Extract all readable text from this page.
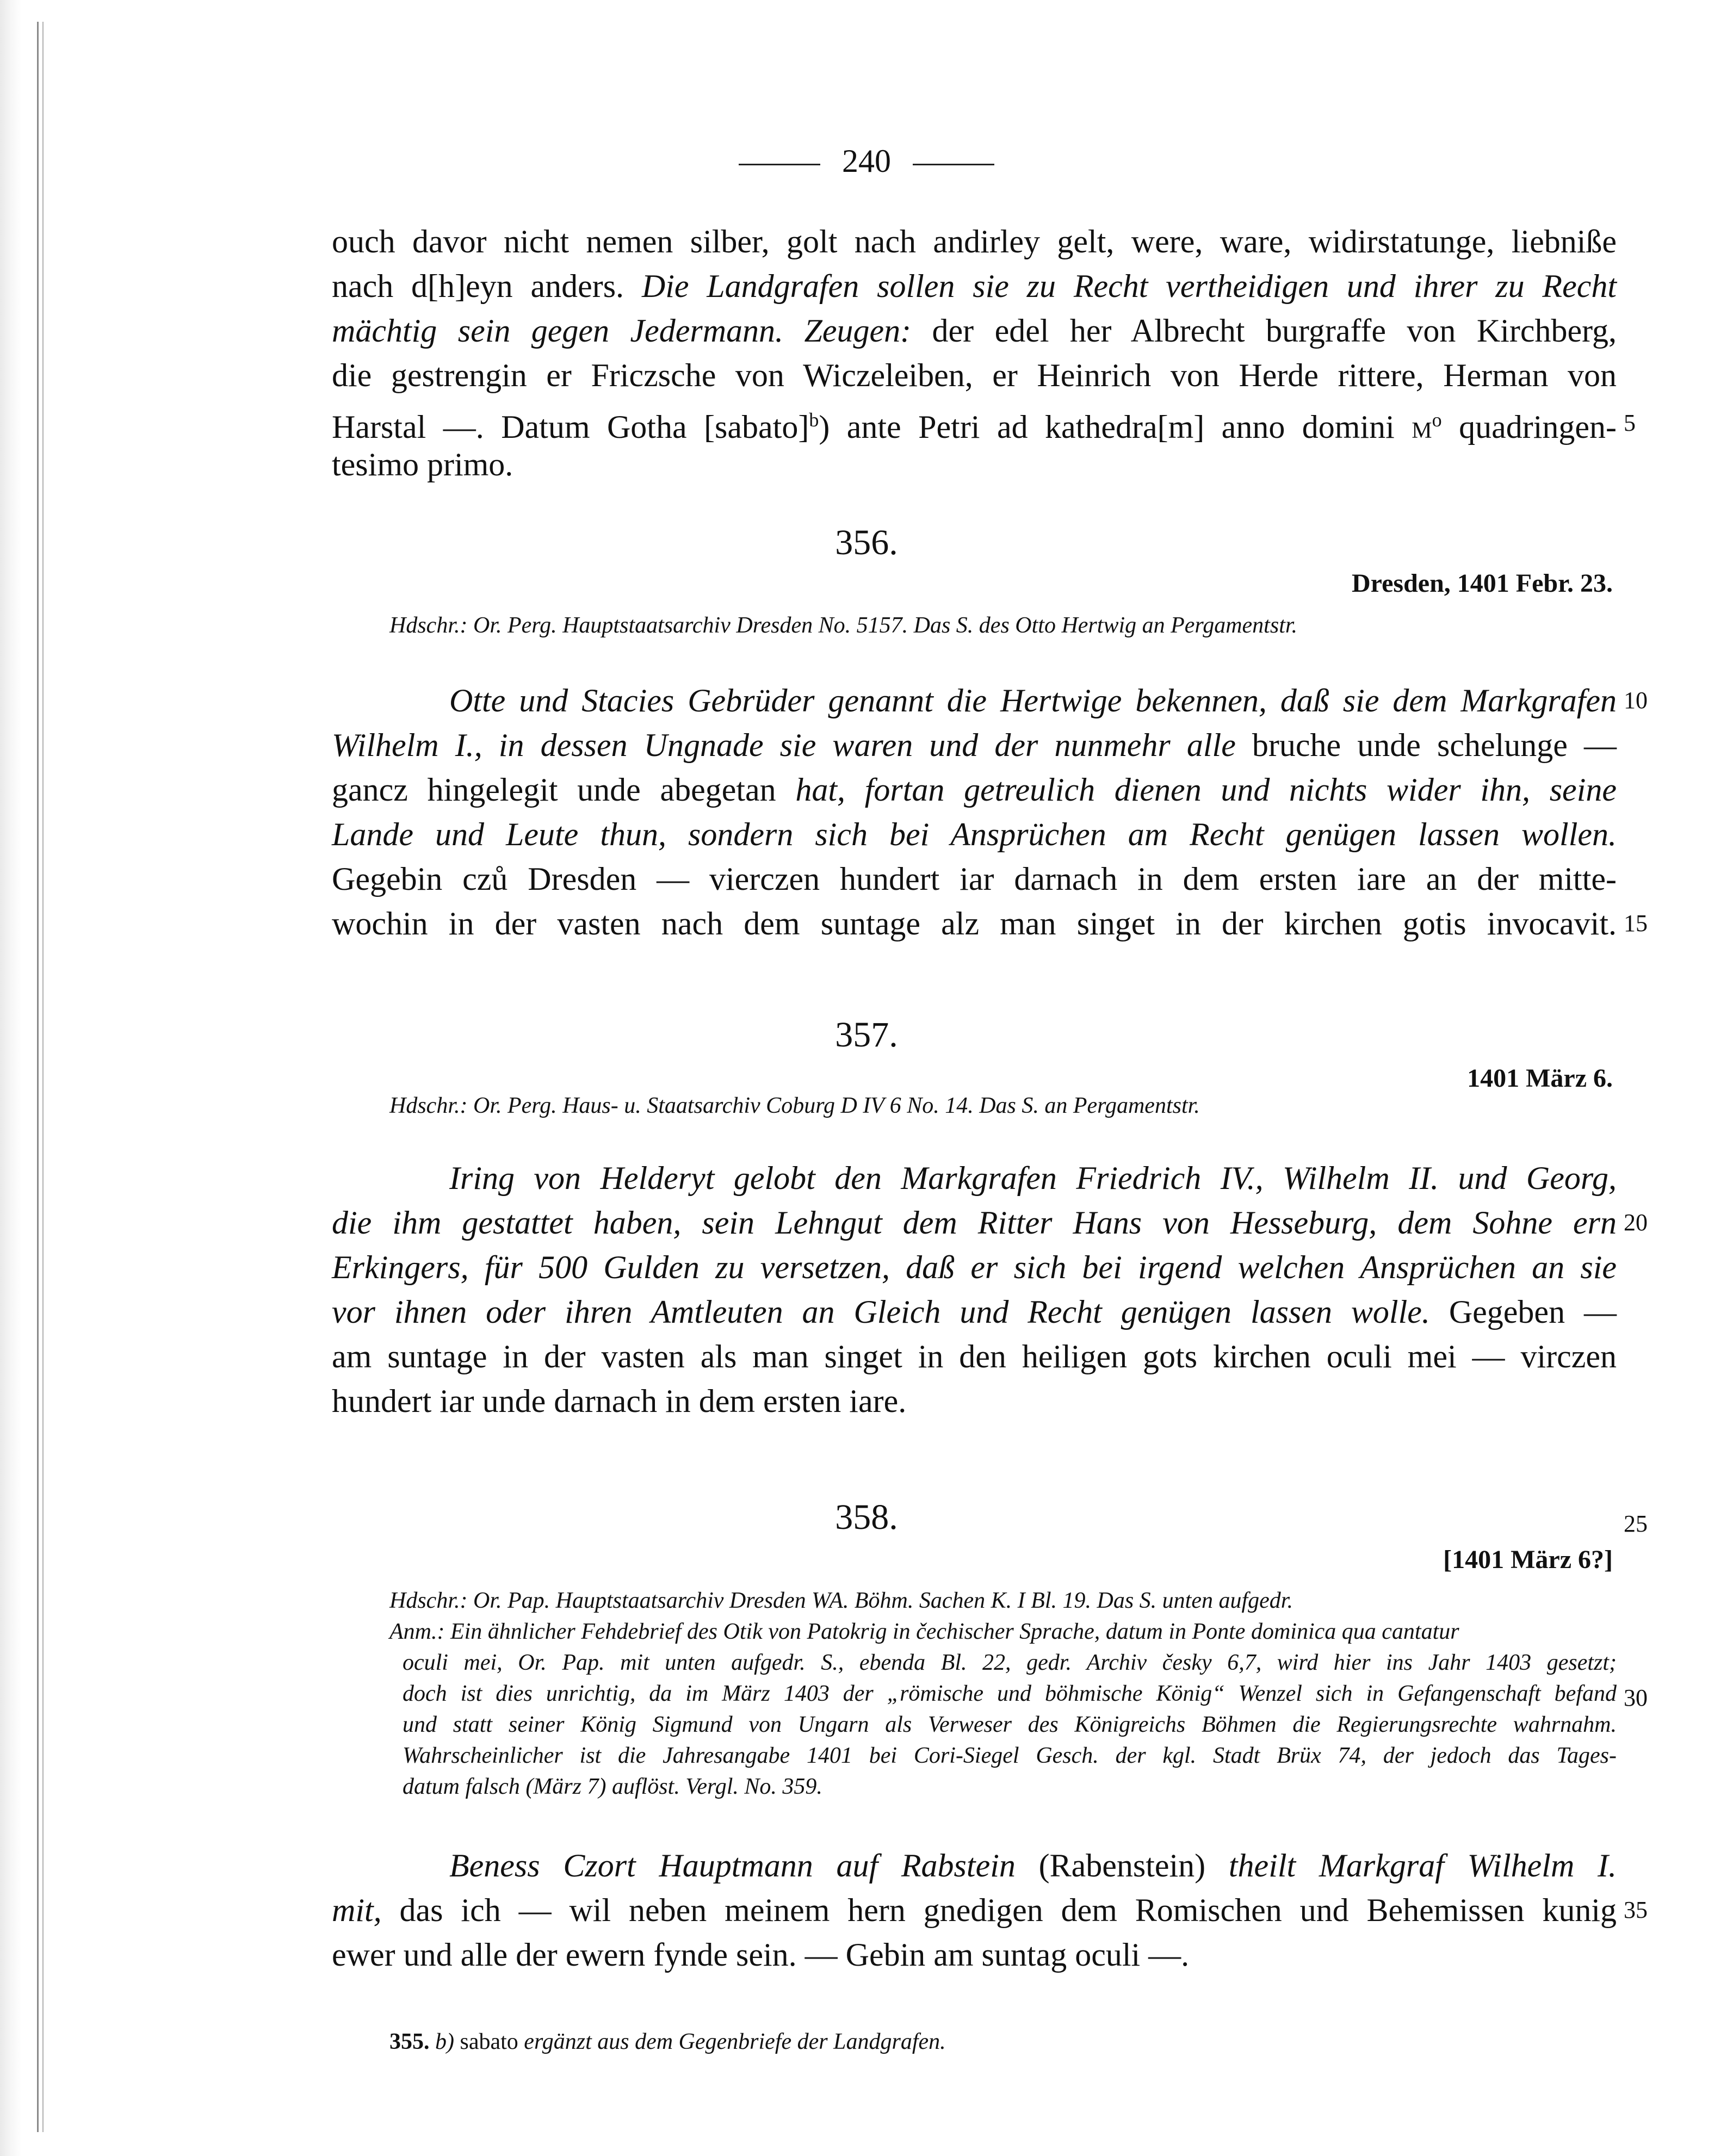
240
ouch davor nicht nemen silber, golt nach andirley gelt, were, ware, widirstatunge, liebniße
nach d[h]eyn anders. Die Landgrafen sollen sie zu Recht vertheidigen und ihrer zu Recht
mächtig sein gegen Jedermann. Zeugen: der edel her Albrecht burgraffe von Kirchberg,
die gestrengin er Friczsche von Wiczeleiben, er Heinrich von Herde rittere, Herman von
Harstal —. Datum Gotha [sabato]$^b$) ante Petri ad kathedra[m] anno domini $m^o$ quadringen-
tesimo primo.
356.
Dresden, 1401 Febr. 23.
Hdschr.: Or. Perg. Hauptstaatsarchiv Dresden No. 5157. Das S. des Otto Hertwig an Pergamentstr.
Otte und Stacies Gebrüder genannt die Hertwige bekennen, daß sie dem Markgrafen
Wilhelm I., in dessen Ungnade sie waren und der nunmehr alle bruche unde schelunge —
gancz hingelegit unde abegetan hat, fortan getreulich dienen und nichts wider ihn, seine
Lande und Leute thun, sondern sich bei Ansprüchen am Recht genügen lassen wollen.
Gegebin czů Dresden — vierczen hundert iar darnach in dem ersten iare an der mitte-
wochin in der vasten nach dem suntage alz man singet in der kirchen gotis invocavit.
357.
1401 März 6.
Hdschr.: Or. Perg. Haus- u. Staatsarchiv Coburg D IV 6 No. 14. Das S. an Pergamentstr.
Iring von Helderyt gelobt den Markgrafen Friedrich IV., Wilhelm II. und Georg,
die ihm gestattet haben, sein Lehngut dem Ritter Hans von Hesseburg, dem Sohne ern
Erkingers, für 500 Gulden zu versetzen, daß er sich bei irgend welchen Ansprüchen an sie
vor ihnen oder ihren Amtleuten an Gleich und Recht genügen lassen wolle. Gegeben —
am suntage in der vasten als man singet in den heiligen gots kirchen oculi mei — virczen
hundert iar unde darnach in dem ersten iare.
358.
[1401 März 6?]
Hdschr.: Or. Pap. Hauptstaatsarchiv Dresden WA. Böhm. Sachen K. I Bl. 19. Das S. unten aufgedr.
Anm.: Ein ähnlicher Fehdebrief des Otik von Patokrig in čechischer Sprache, datum in Ponte dominica qua cantatur
oculi mei, Or. Pap. mit unten aufgedr. S., ebenda Bl. 22, gedr. Archiv česky 6,7, wird hier ins Jahr 1403 gesetzt;
doch ist dies unrichtig, da im März 1403 der „römische und böhmische König“ Wenzel sich in Gefangenschaft befand
und statt seiner König Sigmund von Ungarn als Verweser des Königreichs Böhmen die Regierungsrechte wahrnahm.
Wahrscheinlicher ist die Jahresangabe 1401 bei Cori-Siegel Gesch. der kgl. Stadt Brüx 74, der jedoch das Tages-
datum falsch (März 7) auflöst. Vergl. No. 359.
Beness Czort Hauptmann auf Rabstein (Rabenstein) theilt Markgraf Wilhelm I.
mit, das ich — wil neben meinem hern gnedigen dem Romischen und Behemissen kunig
ewer und alle der ewern fynde sein. — Gebin am suntag oculi —.
5
10
15
20
25
30
35
355. b) sabato ergänzt aus dem Gegenbriefe der Landgrafen.
